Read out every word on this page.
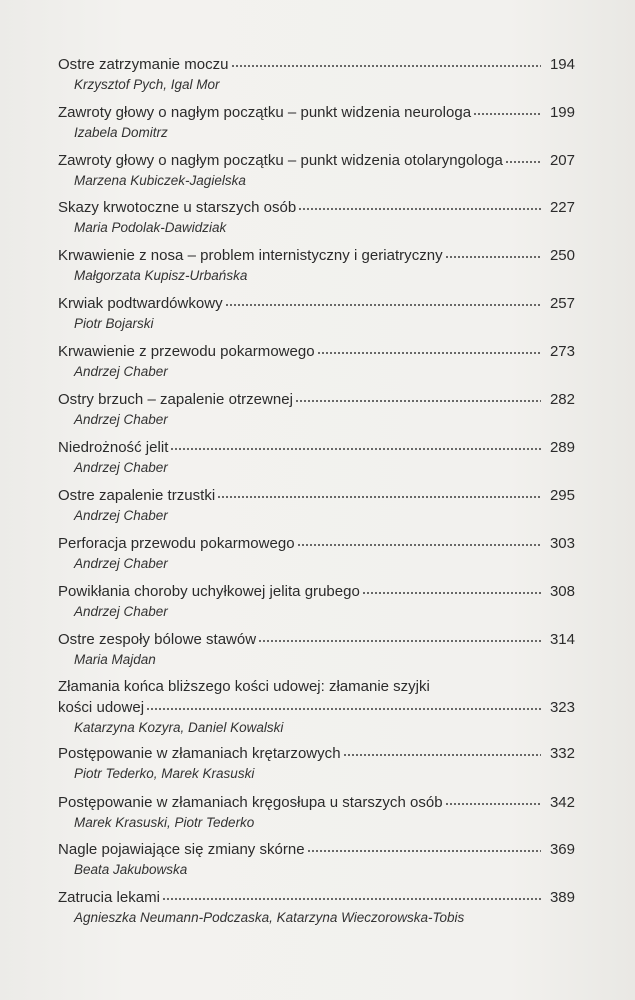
Ostre zatrzymanie moczu	194
Krzysztof Pych, Igal Mor
Zawroty głowy o nagłym początku – punkt widzenia neurologa	199
Izabela Domitrz
Zawroty głowy o nagłym początku – punkt widzenia otolaryngologa	207
Marzena Kubiczek-Jagielska
Skazy krwotoczne u starszych osób	227
Maria Podolak-Dawidziak
Krwawienie z nosa – problem internistyczny i geriatryczny	250
Małgorzata Kupisz-Urbańska
Krwiak podtwardówkowy	257
Piotr Bojarski
Krwawienie z przewodu pokarmowego	273
Andrzej Chaber
Ostry brzuch – zapalenie otrzewnej	282
Andrzej Chaber
Niedrożność jelit	289
Andrzej Chaber
Ostre zapalenie trzustki	295
Andrzej Chaber
Perforacja przewodu pokarmowego	303
Andrzej Chaber
Powikłania choroby uchyłkowej jelita grubego	308
Andrzej Chaber
Ostre zespoły bólowe stawów	314
Maria Majdan
Złamania końca bliższego kości udowej: złamanie szyjki
kości udowej	323
Katarzyna Kozyra, Daniel Kowalski
Postępowanie w złamaniach krętarzowych	332
Piotr Tederko, Marek Krasuski
Postępowanie w złamaniach kręgosłupa u starszych osób	342
Marek Krasuski, Piotr Tederko
Nagle pojawiające się zmiany skórne	369
Beata Jakubowska
Zatrucia lekami	389
Agnieszka Neumann-Podczaska, Katarzyna Wieczorowska-Tobis
